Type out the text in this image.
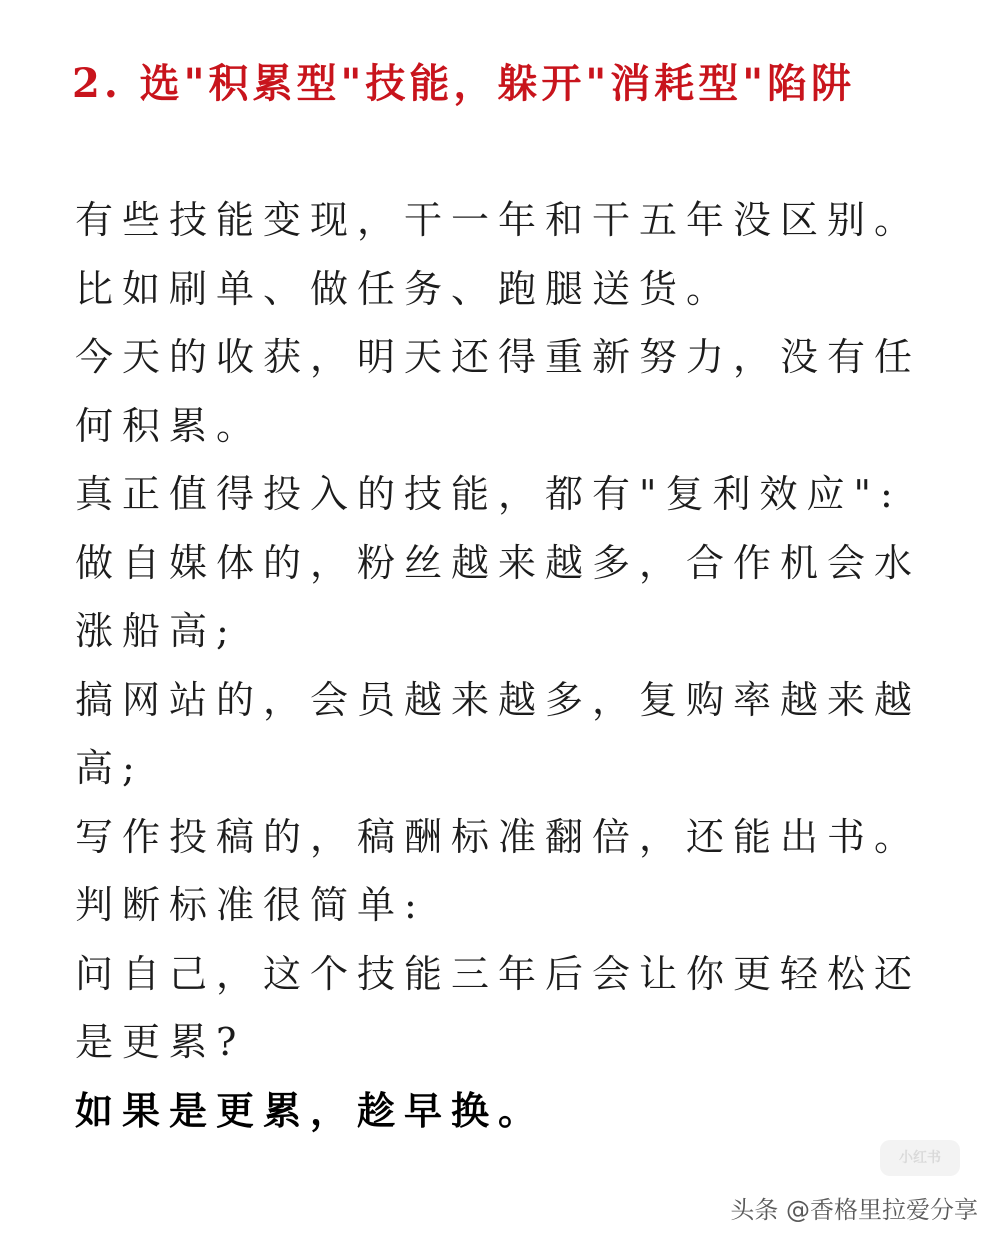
2. 选"积累型"技能，躲开"消耗型"陷阱
有些技能变现，干一年和干五年没区别。
比如刷单、做任务、跑腿送货。
今天的收获，明天还得重新努力，没有任
何积累。
真正值得投入的技能，都有"复利效应":
做自媒体的，粉丝越来越多，合作机会水
涨船高;
搞网站的，会员越来越多，复购率越来越
高;
写作投稿的，稿酬标准翻倍，还能出书。
判断标准很简单:
问自己，这个技能三年后会让你更轻松还
是更累?
如果是更累，趁早换。
小红书
头条 @香格里拉爱分享
